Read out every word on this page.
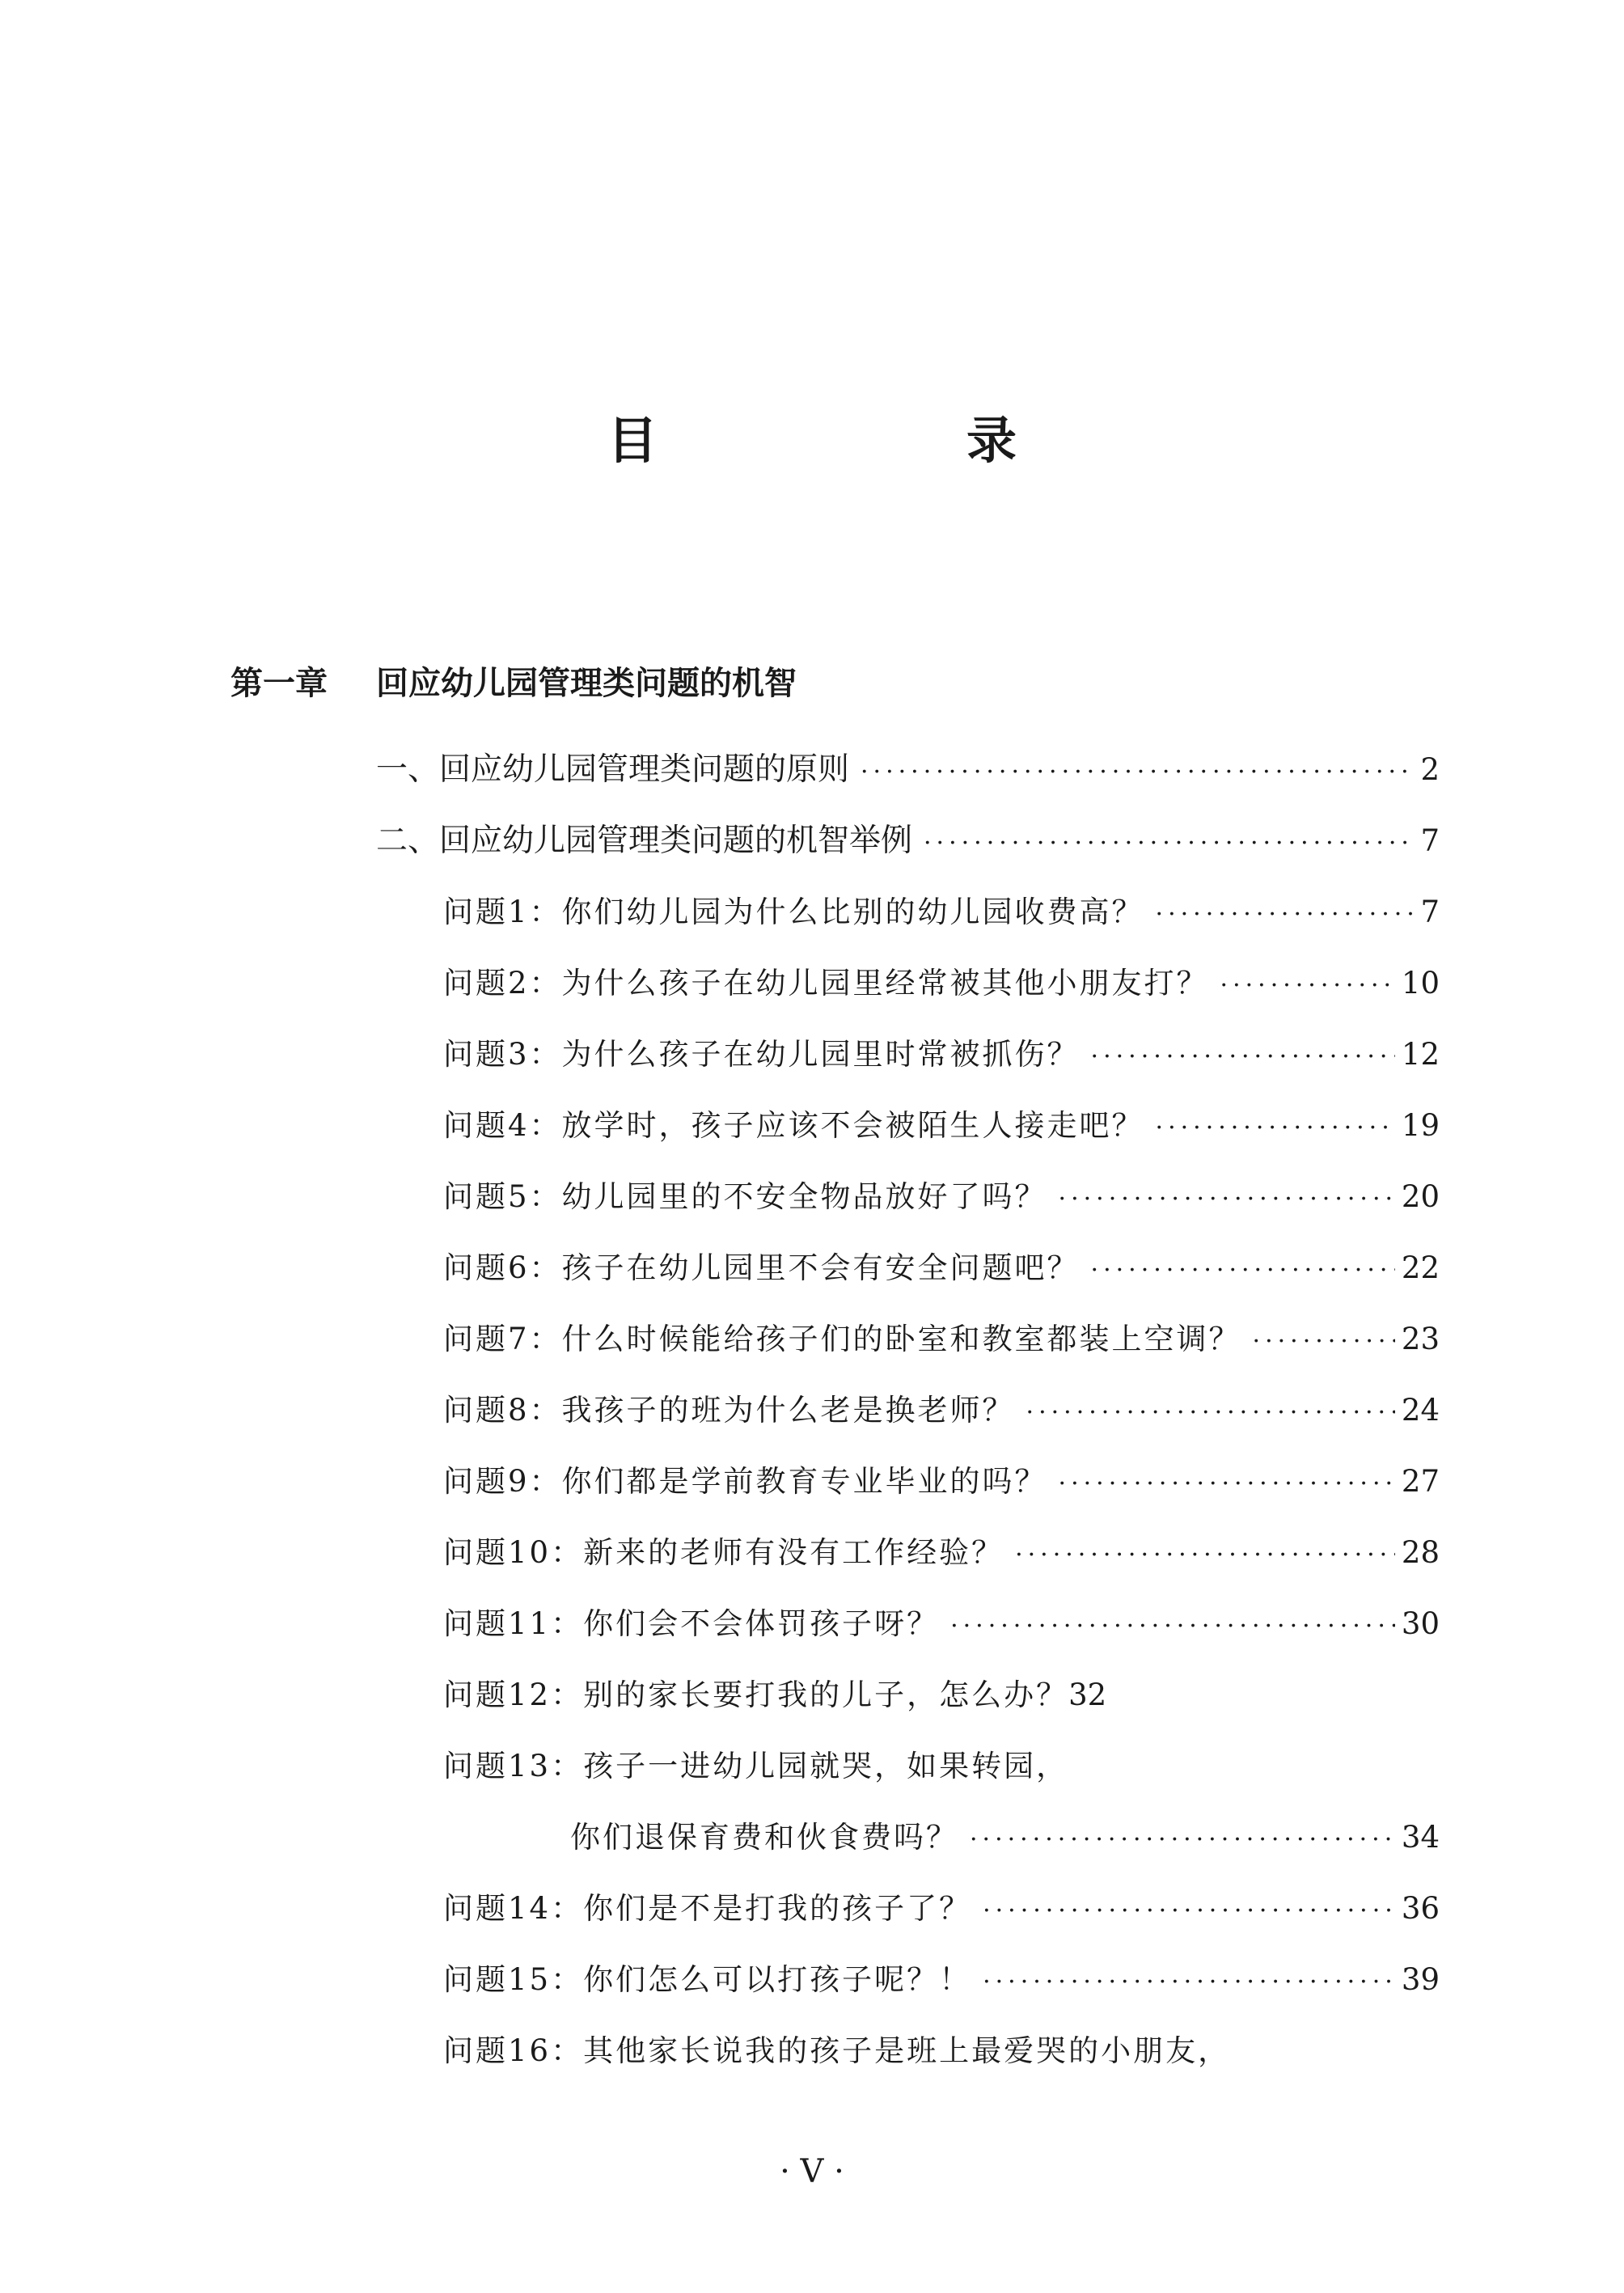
目　录
第一章 回应幼儿园管理类问题的机智
一、回应幼儿园管理类问题的原则 ·····	2
二、回应幼儿园管理类问题的机智举例 ·····	7
问题1：你们幼儿园为什么比别的幼儿园收费高？ ·····	7
问题2：为什么孩子在幼儿园里经常被其他小朋友打？ ·····	10
问题3：为什么孩子在幼儿园里时常被抓伤？ ·····	12
问题4：放学时，孩子应该不会被陌生人接走吧？ ·····	19
问题5：幼儿园里的不安全物品放好了吗？ ·····	20
问题6：孩子在幼儿园里不会有安全问题吧？ ·····	22
问题7：什么时候能给孩子们的卧室和教室都装上空调？ ·····	23
问题8：我孩子的班为什么老是换老师？ ·····	24
问题9：你们都是学前教育专业毕业的吗？ ·····	27
问题10：新来的老师有没有工作经验？ ·····	28
问题11：你们会不会体罚孩子呀？ ·····	30
问题12：别的家长要打我的儿子，怎么办？ 32
问题13：孩子一进幼儿园就哭，如果转园，
你们退保育费和伙食费吗？ ·····	34
问题14：你们是不是打我的孩子了？ ·····	36
问题15：你们怎么可以打孩子呢？！ ·····	39
问题16：其他家长说我的孩子是班上最爱哭的小朋友，
· V ·
